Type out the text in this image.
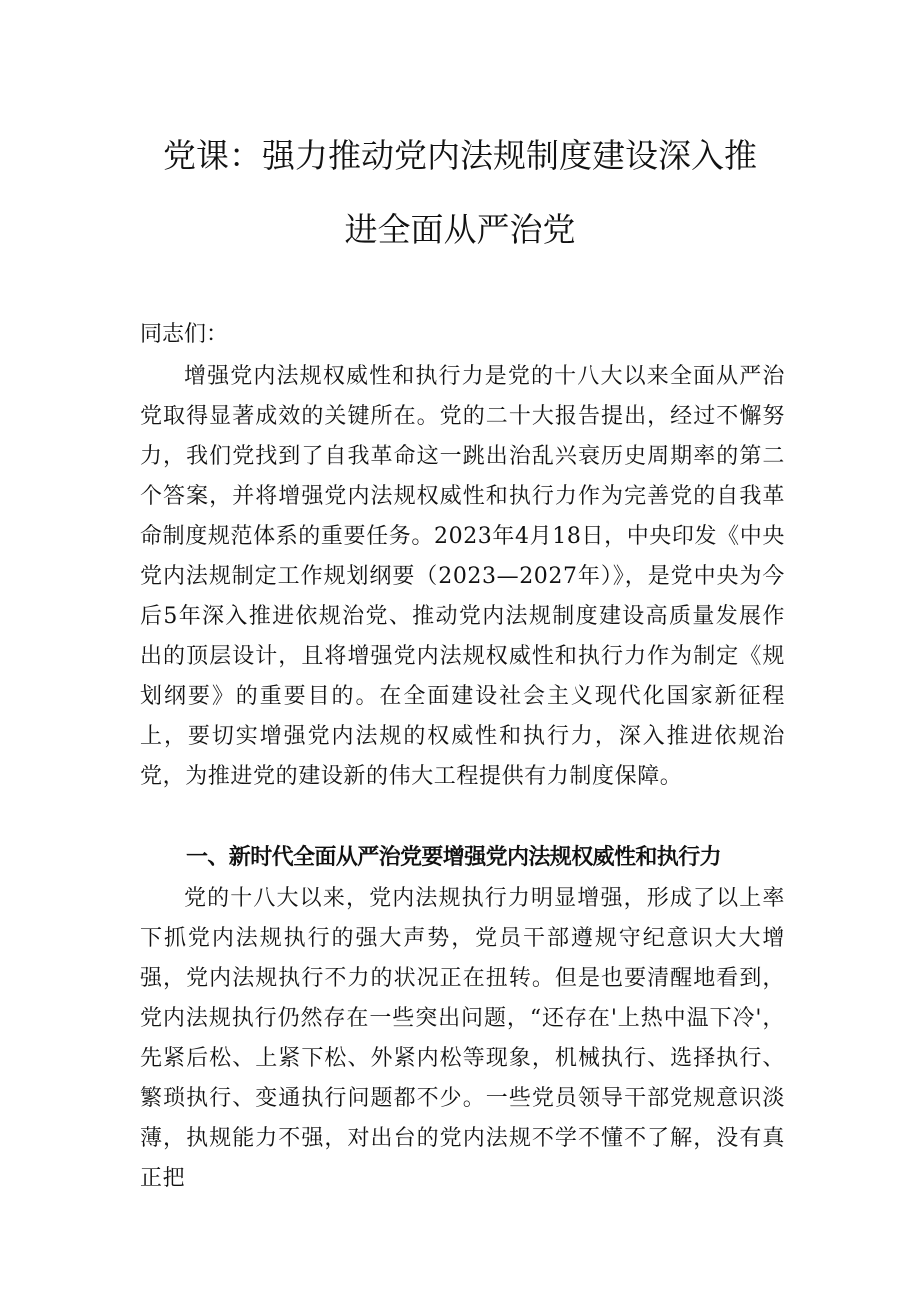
党课：强力推动党内法规制度建设深入推
进全面从严治党

同志们：

增强党内法规权威性和执行力是党的十八大以来全面从严治党取得显著成效的关键所在。党的二十大报告提出，经过不懈努力，我们党找到了自我革命这一跳出治乱兴衰历史周期率的第二个答案，并将增强党内法规权威性和执行力作为完善党的自我革命制度规范体系的重要任务。2023年4月18日，中央印发《中央党内法规制定工作规划纲要（2023—2027年）》，是党中央为今后5年深入推进依规治党、推动党内法规制度建设高质量发展作出的顶层设计，且将增强党内法规权威性和执行力作为制定《规划纲要》的重要目的。在全面建设社会主义现代化国家新征程上，要切实增强党内法规的权威性和执行力，深入推进依规治党，为推进党的建设新的伟大工程提供有力制度保障。

一、新时代全面从严治党要增强党内法规权威性和执行力

党的十八大以来，党内法规执行力明显增强，形成了以上率下抓党内法规执行的强大声势，党员干部遵规守纪意识大大增强，党内法规执行不力的状况正在扭转。但是也要清醒地看到，党内法规执行仍然存在一些突出问题，“还存在'上热中温下冷'，先紧后松、上紧下松、外紧内松等现象，机械执行、选择执行、繁琐执行、变通执行问题都不少。一些党员领导干部党规意识淡薄，执规能力不强，对出台的党内法规不学不懂不了解，没有真正把
